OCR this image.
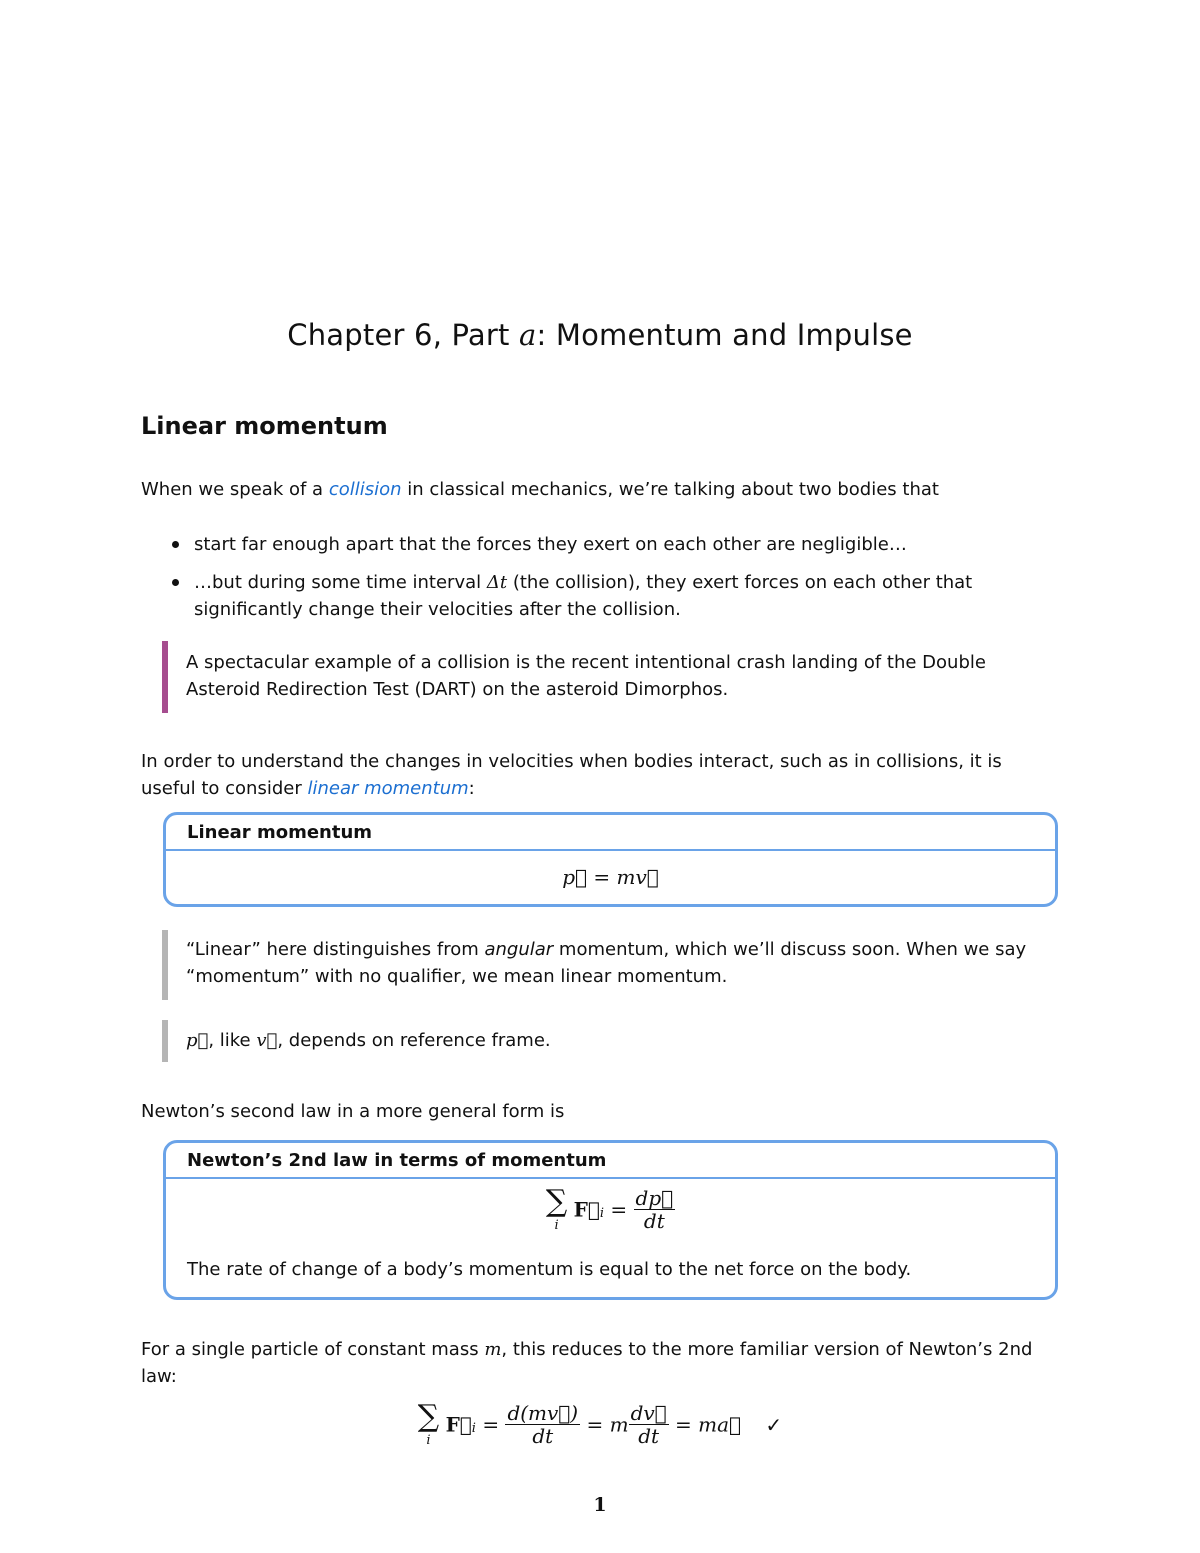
Chapter 6, Part a: Momentum and Impulse
Linear momentum
When we speak of a collision in classical mechanics, we’re talking about two bodies that
start far enough apart that the forces they exert on each other are negligible…
…but during some time interval Δt (the collision), they exert forces on each other that significantly change their velocities after the collision.
A spectacular example of a collision is the recent intentional crash landing of the Double Asteroid Redirection Test (DART) on the asteroid Dimorphos.
In order to understand the changes in velocities when bodies interact, such as in collisions, it is useful to consider linear momentum:
Linear momentum
p⃗ = mv⃗
“Linear” here distinguishes from angular momentum, which we’ll discuss soon. When we say “momentum” with no qualifier, we mean linear momentum.
p⃗, like v⃗, depends on reference frame.
Newton’s second law in a more general form is
Newton’s 2nd law in terms of momentum
∑
i
$F⃗_i = \frac{dp⃗}{dt}$
The rate of change of a body’s momentum is equal to the net force on the body.
For a single particle of constant mass m, this reduces to the more familiar version of Newton’s 2nd law:
∑
i
$F⃗_i = \frac{d(mv⃗)}{dt} = m \frac{dv⃗}{dt}$ = ma⃗ ✓
1
